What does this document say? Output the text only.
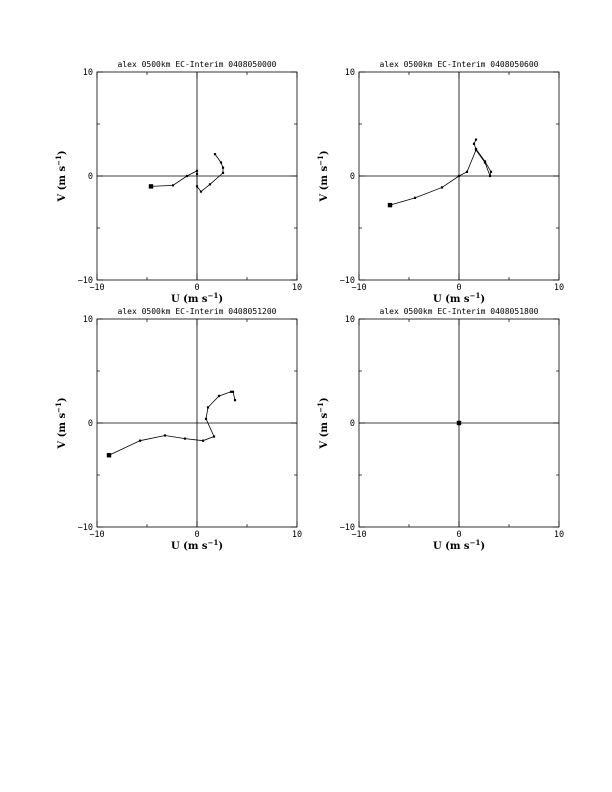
alex 0500km EC-Interim 0408050000
−10	0	10
−10
0
10
U (m $s^{-1}$)
V (m $s^{-1}$)
alex 0500km EC-Interim 0408050600
−10	0	10
−10
0
10
U (m $s^{-1}$)
V (m $s^{-1}$)
alex 0500km EC-Interim 0408051200
−10	0	10
−10
0
10
U (m $s^{-1}$)
V (m $s^{-1}$)
alex 0500km EC-Interim 0408051800
−10	0	10
−10
0
10
U (m $s^{-1}$)
V (m $s^{-1}$)
